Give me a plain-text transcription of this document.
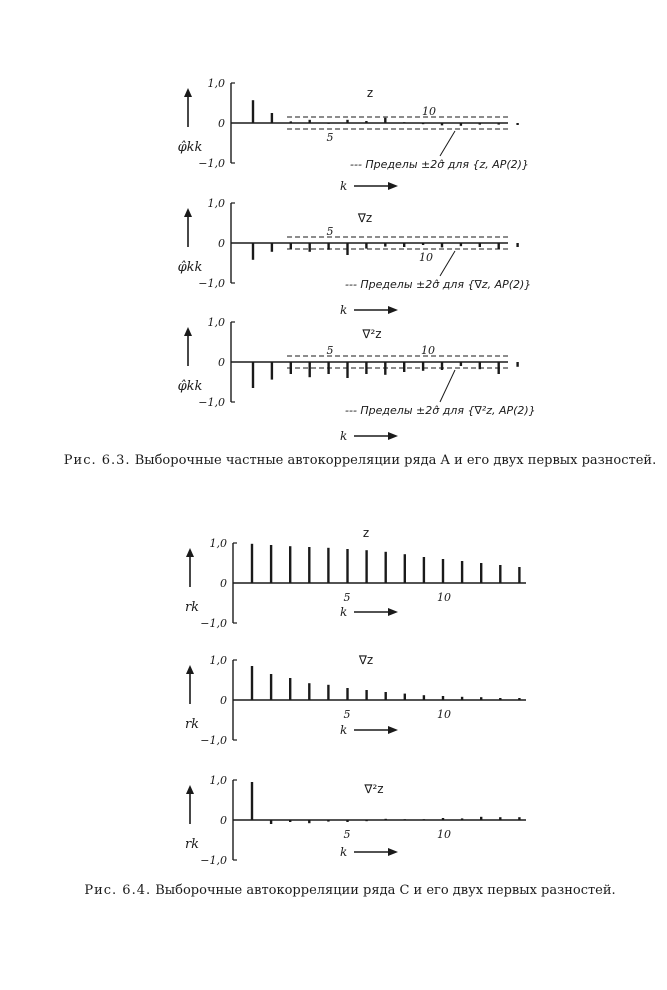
1,0
0
−1,0
φ̂kk
z
--- Пределы ±2σ̂ для {z, AP(2)}
5
10
k
1,0
0
−1,0
φ̂kk
∇z
--- Пределы ±2σ̂ для {∇z, AP(2)}
5
10
k
1,0
0
−1,0
φ̂kk
∇²z
--- Пределы ±2σ̂ для {∇²z, AP(2)}
5	10
k
1,0
0
−1,0
rk
z
5	10
k
1,0
0
−1,0
rk
∇z
5	10
k
1,0
0
−1,0
rk
∇²z
5	10
k
Рис. 6.3. Выборочные частные автокорреляции ряда A и его двух первых разностей.
Рис. 6.4. Выборочные автокорреляции ряда C и его двух первых разностей.
